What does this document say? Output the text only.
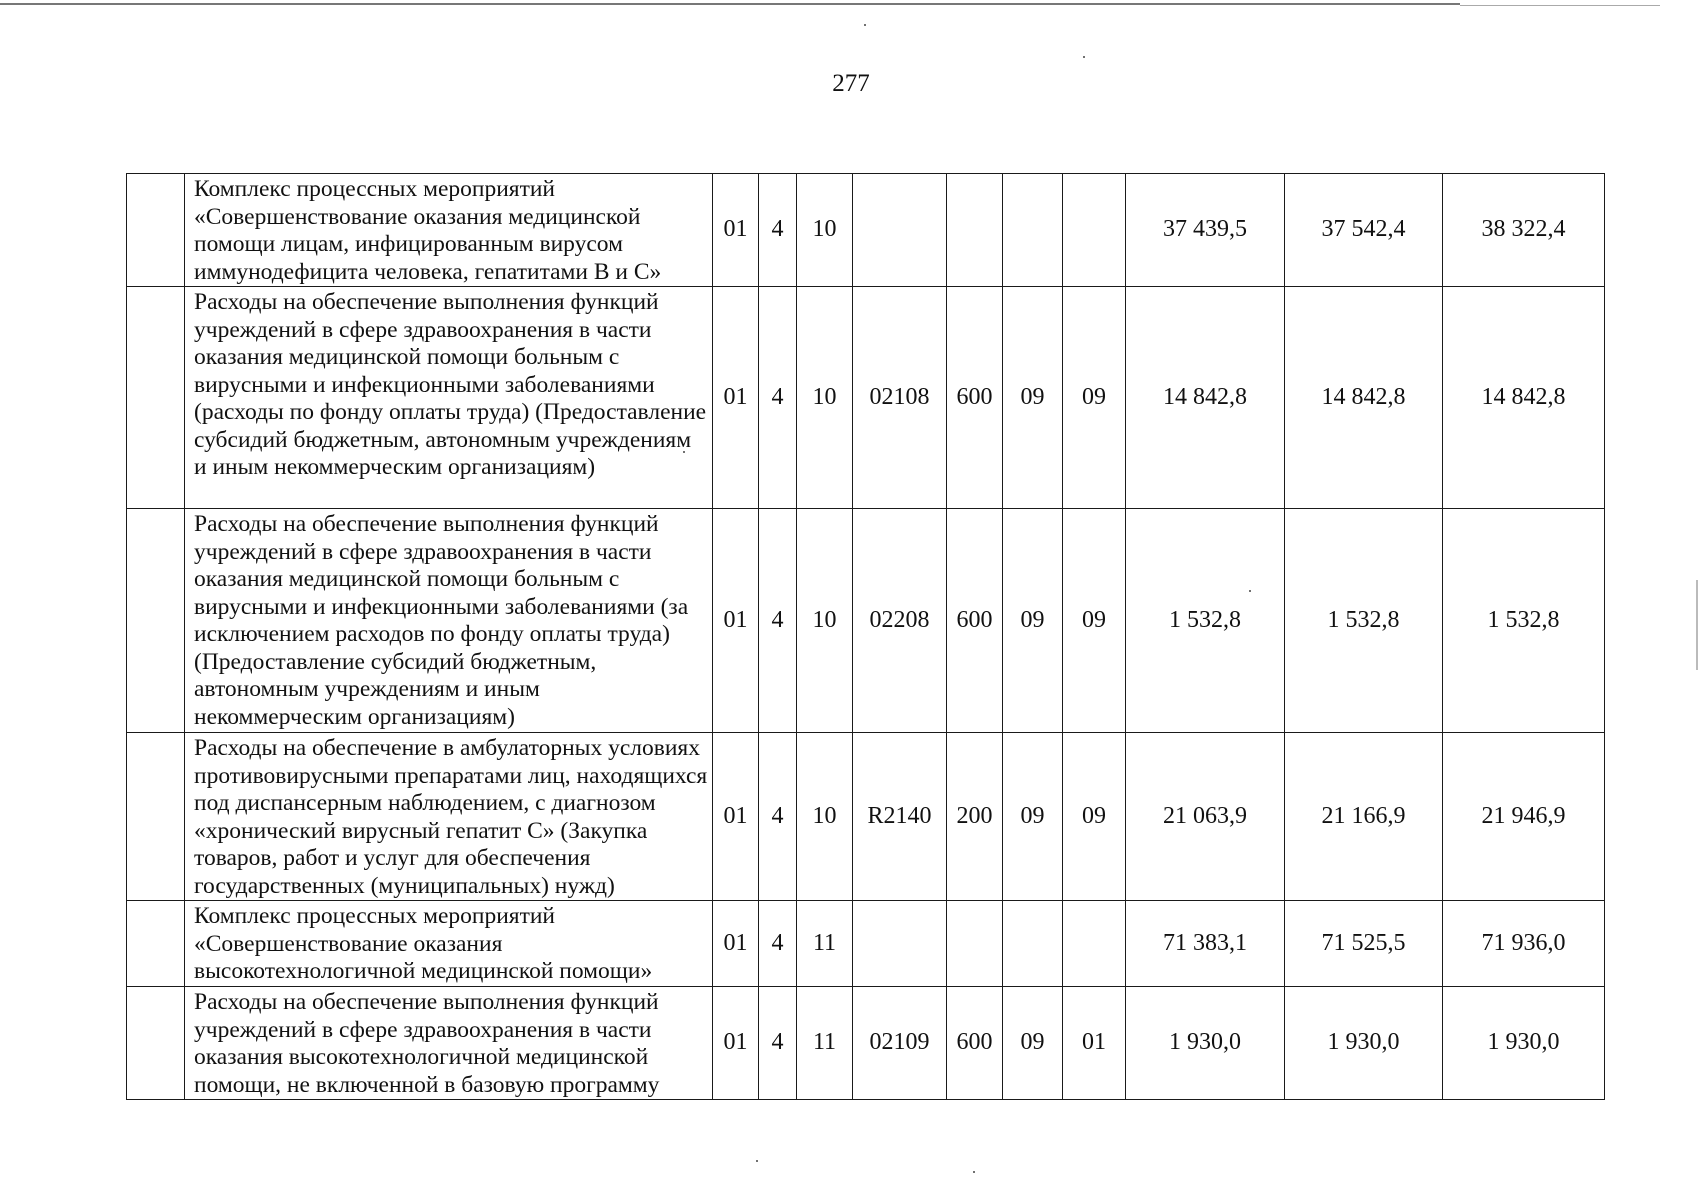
277
	Комплекс процессных мероприятий «Совершенствование оказания медицинской помощи лицам, инфицированным вирусом иммунодефицита человека, гепатитами В и С»	01	4	10					37 439,5	37 542,4	38 322,4
	Расходы на обеспечение выполнения функций учреждений в сфере здравоохранения в части оказания медицинской помощи больным с вирусными и инфекционными заболеваниями (расходы по фонду оплаты труда) (Предоставление субсидий бюджетным, автономным учреждениям и иным некоммерческим организациям)	01	4	10	02108	600	09	09	14 842,8	14 842,8	14 842,8
	Расходы на обеспечение выполнения функций учреждений в сфере здравоохранения в части оказания медицинской помощи больным с вирусными и инфекционными заболеваниями (за исключением расходов по фонду оплаты труда) (Предоставление субсидий бюджетным, автономным учреждениям и иным некоммерческим организациям)	01	4	10	02208	600	09	09	1 532,8	1 532,8	1 532,8
	Расходы на обеспечение в амбулаторных условиях противовирусными препаратами лиц, находящихся под диспансерным наблюдением, с диагнозом «хронический вирусный гепатит С» (Закупка товаров, работ и услуг для обеспечения государственных (муниципальных) нужд)	01	4	10	R2140	200	09	09	21 063,9	21 166,9	21 946,9
	Комплекс процессных мероприятий «Совершенствование оказания высокотехнологичной медицинской помощи»	01	4	11					71 383,1	71 525,5	71 936,0
	Расходы на обеспечение выполнения функций учреждений в сфере здравоохранения в части оказания высокотехнологичной медицинской помощи, не включенной в базовую программу	01	4	11	02109	600	09	01	1 930,0	1 930,0	1 930,0
